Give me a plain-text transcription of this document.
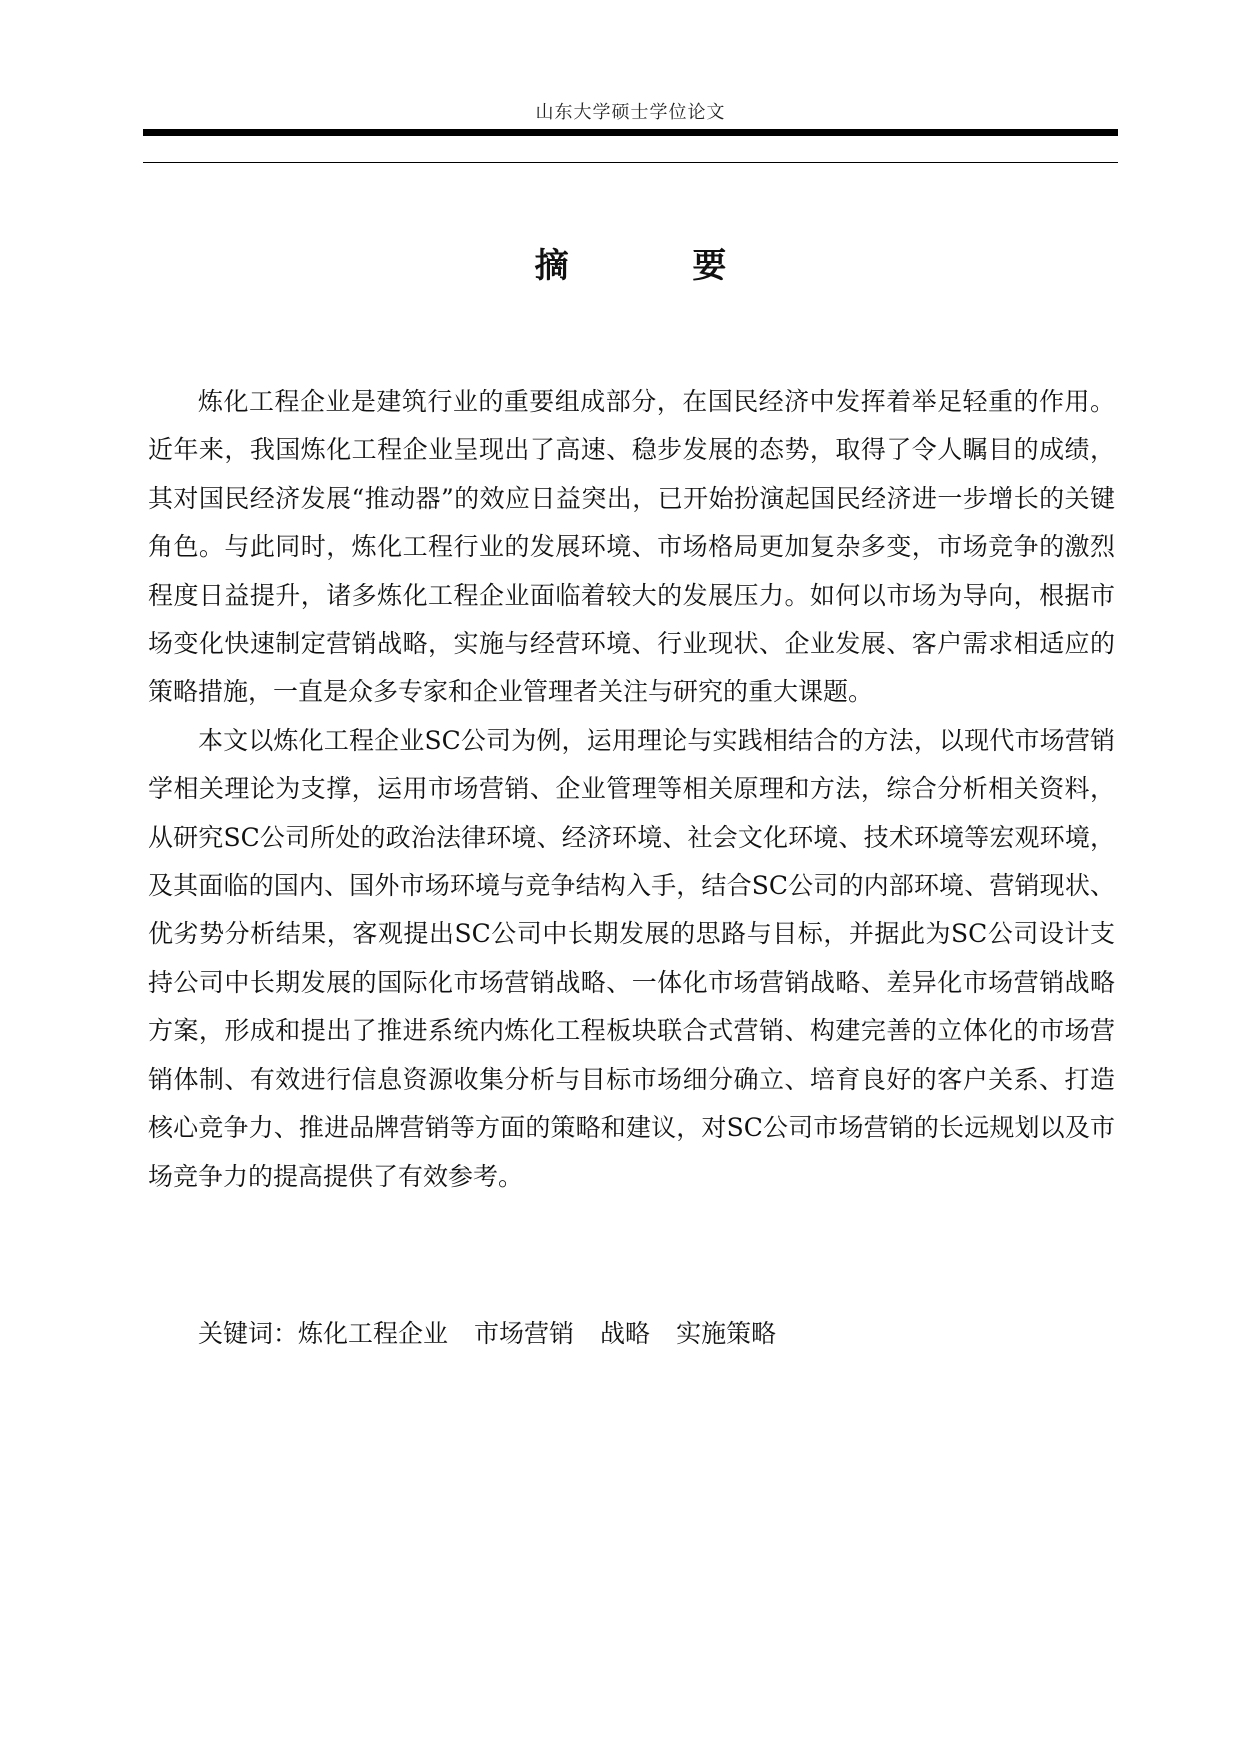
山东大学硕士学位论文
摘 要

炼化工程企业是建筑行业的重要组成部分，在国民经济中发挥着举足轻重的作用。近年来，我国炼化工程企业呈现出了高速、稳步发展的态势，取得了令人瞩目的成绩，其对国民经济发展“推动器”的效应日益突出，已开始扮演起国民经济进一步增长的关键角色。与此同时，炼化工程行业的发展环境、市场格局更加复杂多变，市场竞争的激烈程度日益提升，诸多炼化工程企业面临着较大的发展压力。如何以市场为导向，根据市场变化快速制定营销战略，实施与经营环境、行业现状、企业发展、客户需求相适应的策略措施，一直是众多专家和企业管理者关注与研究的重大课题。

本文以炼化工程企业SC公司为例，运用理论与实践相结合的方法，以现代市场营销学相关理论为支撑，运用市场营销、企业管理等相关原理和方法，综合分析相关资料，从研究SC公司所处的政治法律环境、经济环境、社会文化环境、技术环境等宏观环境，及其面临的国内、国外市场环境与竞争结构入手，结合SC公司的内部环境、营销现状、优劣势分析结果，客观提出SC公司中长期发展的思路与目标，并据此为SC公司设计支持公司中长期发展的国际化市场营销战略、一体化市场营销战略、差异化市场营销战略方案，形成和提出了推进系统内炼化工程板块联合式营销、构建完善的立体化的市场营销体制、有效进行信息资源收集分析与目标市场细分确立、培育良好的客户关系、打造核心竞争力、推进品牌营销等方面的策略和建议，对SC公司市场营销的长远规划以及市场竞争力的提高提供了有效参考。

关键词：炼化工程企业 市场营销 战略 实施策略
